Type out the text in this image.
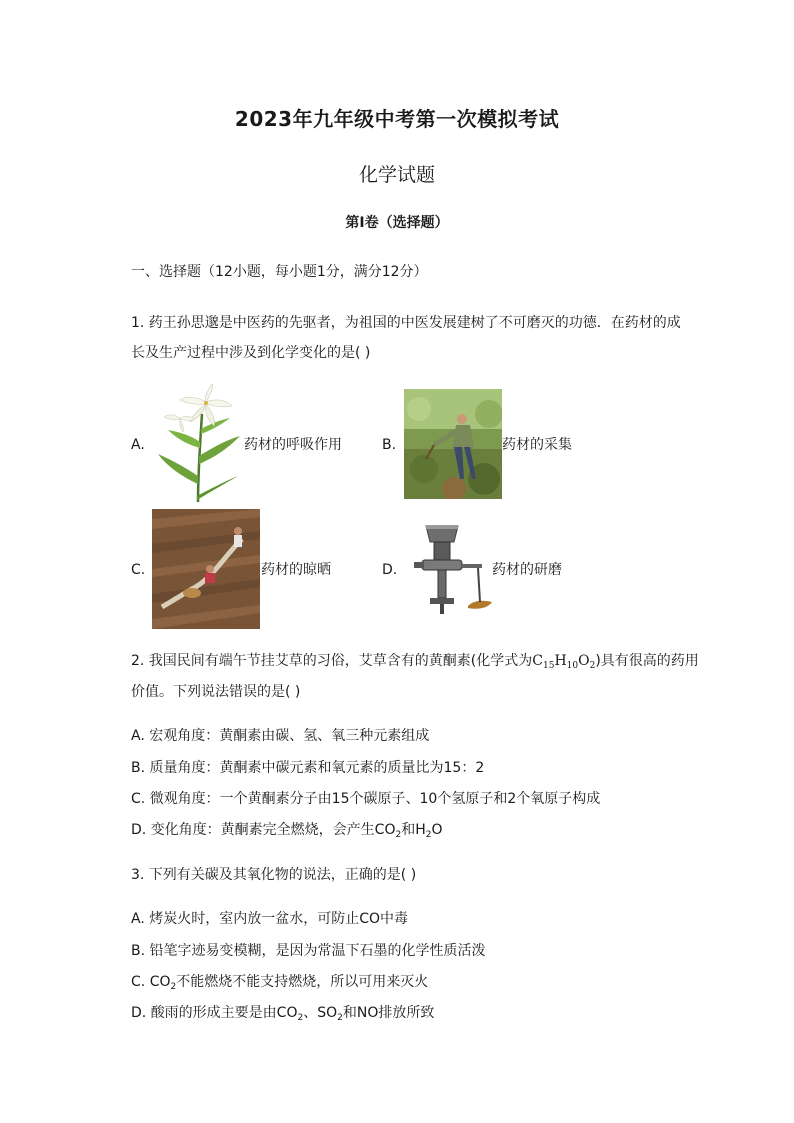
2023年九年级中考第一次模拟考试
化学试题
第Ⅰ卷（选择题）
一、选择题（12小题，每小题1分，满分12分）
1. 药王孙思邈是中医药的先驱者，为祖国的中医发展建树了不可磨灭的功德．在药材的成
长及生产过程中涉及到化学变化的是( )
A.	药材的呼吸作用	B.	药材的采集
C.	药材的晾晒	D.	药材的研磨
2. 我国民间有端午节挂艾草的习俗，艾草含有的黄酮素(化学式为$C_{15}H_{10}O_2$)具有很高的药用
价值。下列说法错误的是( )
A. 宏观角度：黄酮素由碳、氢、氧三种元素组成
B. 质量角度：黄酮素中碳元素和氧元素的质量比为15：2
C. 微观角度：一个黄酮素分子由15个碳原子、10个氢原子和2个氧原子构成
D. 变化角度：黄酮素完全燃烧，会产生$CO_2$和$H_2O$
3. 下列有关碳及其氧化物的说法，正确的是( )
A. 烤炭火时，室内放一盆水，可防止CO中毒
B. 铅笔字迹易变模糊，是因为常温下石墨的化学性质活泼
C. $CO_2$不能燃烧不能支持燃烧，所以可用来灭火
D. 酸雨的形成主要是由$CO_2$、$SO_2$和NO排放所致
